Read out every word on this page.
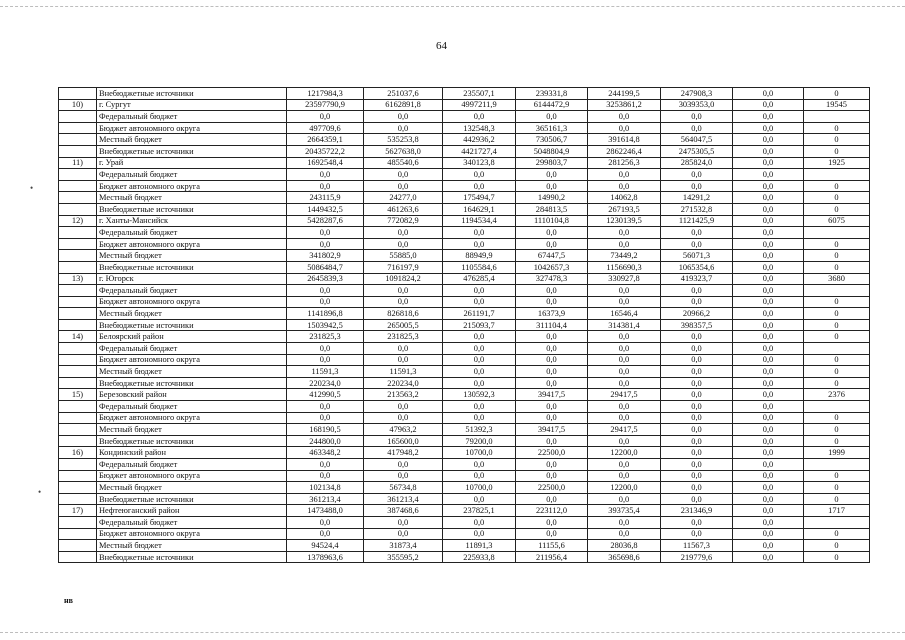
64
	Внебюджетные источники	1217984,3	251037,6	235507,1	239331,8	244199,5	247908,3	0,0	0
10)	г. Сургут	23597790,9	6162891,8	4997211,9	6144472,9	3253861,2	3039353,0	0,0	19545
	Федеральный бюджет	0,0	0,0	0,0	0,0	0,0	0,0	0,0	
	Бюджет автономного округа	497709,6	0,0	132548,3	365161,3	0,0	0,0	0,0	0
	Местный бюджет	2664359,1	535253,8	442936,2	730506,7	391614,8	564047,5	0,0	0
	Внебюджетные источники	20435722,2	5627638,0	4421727,4	5048804,9	2862246,4	2475305,5	0,0	0
11)	г. Урай	1692548,4	485540,6	340123,8	299803,7	281256,3	285824,0	0,0	1925
	Федеральный бюджет	0,0	0,0	0,0	0,0	0,0	0,0	0,0	
	Бюджет автономного округа	0,0	0,0	0,0	0,0	0,0	0,0	0,0	0
	Местный бюджет	243115,9	24277,0	175494,7	14990,2	14062,8	14291,2	0,0	0
	Внебюджетные источники	1449432,5	461263,6	164629,1	284813,5	267193,5	271532,8	0,0	0
12)	г. Ханты-Мансийск	5428287,6	772082,9	1194534,4	1110104,8	1230139,5	1121425,9	0,0	6075
	Федеральный бюджет	0,0	0,0	0,0	0,0	0,0	0,0	0,0	
	Бюджет автономного округа	0,0	0,0	0,0	0,0	0,0	0,0	0,0	0
	Местный бюджет	341802,9	55885,0	88949,9	67447,5	73449,2	56071,3	0,0	0
	Внебюджетные источники	5086484,7	716197,9	1105584,6	1042657,3	1156690,3	1065354,6	0,0	0
13)	г. Югорск	2645839,3	1091824,2	476285,4	327478,3	330927,8	419323,7	0,0	3680
	Федеральный бюджет	0,0	0,0	0,0	0,0	0,0	0,0	0,0	
	Бюджет автономного округа	0,0	0,0	0,0	0,0	0,0	0,0	0,0	0
	Местный бюджет	1141896,8	826818,6	261191,7	16373,9	16546,4	20966,2	0,0	0
	Внебюджетные источники	1503942,5	265005,5	215093,7	311104,4	314381,4	398357,5	0,0	0
14)	Белоярский район	231825,3	231825,3	0,0	0,0	0,0	0,0	0,0	0
	Федеральный бюджет	0,0	0,0	0,0	0,0	0,0	0,0	0,0	
	Бюджет автономного округа	0,0	0,0	0,0	0,0	0,0	0,0	0,0	0
	Местный бюджет	11591,3	11591,3	0,0	0,0	0,0	0,0	0,0	0
	Внебюджетные источники	220234,0	220234,0	0,0	0,0	0,0	0,0	0,0	0
15)	Березовский район	412990,5	213563,2	130592,3	39417,5	29417,5	0,0	0,0	2376
	Федеральный бюджет	0,0	0,0	0,0	0,0	0,0	0,0	0,0	
	Бюджет автономного округа	0,0	0,0	0,0	0,0	0,0	0,0	0,0	0
	Местный бюджет	168190,5	47963,2	51392,3	39417,5	29417,5	0,0	0,0	0
	Внебюджетные источники	244800,0	165600,0	79200,0	0,0	0,0	0,0	0,0	0
16)	Кондинский район	463348,2	417948,2	10700,0	22500,0	12200,0	0,0	0,0	1999
	Федеральный бюджет	0,0	0,0	0,0	0,0	0,0	0,0	0,0	
	Бюджет автономного округа	0,0	0,0	0,0	0,0	0,0	0,0	0,0	0
	Местный бюджет	102134,8	56734,8	10700,0	22500,0	12200,0	0,0	0,0	0
	Внебюджетные источники	361213,4	361213,4	0,0	0,0	0,0	0,0	0,0	0
17)	Нефтеюганский район	1473488,0	387468,6	237825,1	223112,0	393735,4	231346,9	0,0	1717
	Федеральный бюджет	0,0	0,0	0,0	0,0	0,0	0,0	0,0	
	Бюджет автономного округа	0,0	0,0	0,0	0,0	0,0	0,0	0,0	0
	Местный бюджет	94524,4	31873,4	11891,3	11155,6	28036,8	11567,3	0,0	0
	Внебюджетные источники	1378963,6	355595,2	225933,8	211956,4	365698,6	219779,6	0,0	0
•
•
нв
